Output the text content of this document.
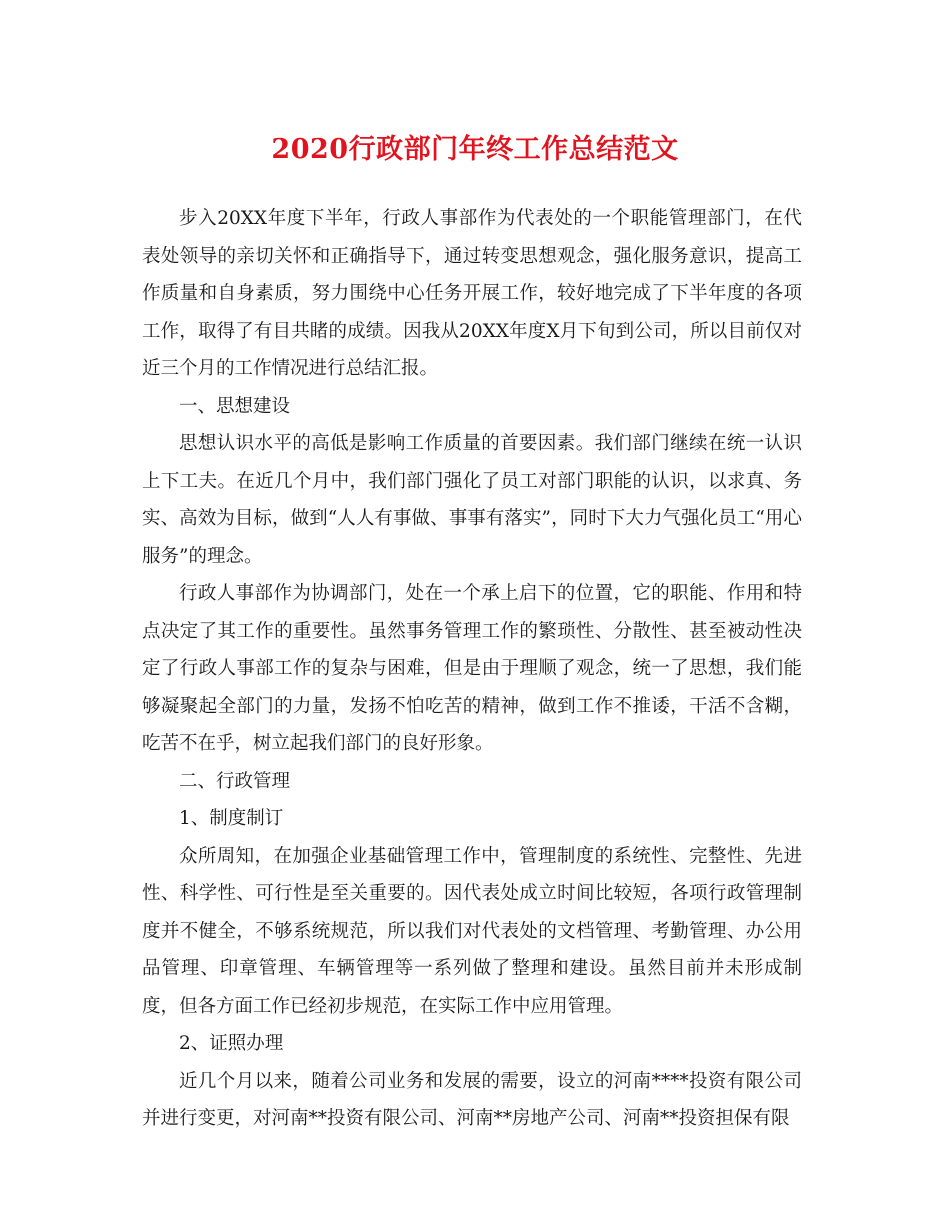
2020行政部门年终工作总结范文

步入20XX年度下半年，行政人事部作为代表处的一个职能管理部门，在代表处领导的亲切关怀和正确指导下，通过转变思想观念，强化服务意识，提高工作质量和自身素质，努力围绕中心任务开展工作，较好地完成了下半年度的各项工作，取得了有目共睹的成绩。因我从20XX年度X月下旬到公司，所以目前仅对近三个月的工作情况进行总结汇报。

一、思想建设

思想认识水平的高低是影响工作质量的首要因素。我们部门继续在统一认识上下工夫。在近几个月中，我们部门强化了员工对部门职能的认识，以求真、务实、高效为目标，做到“人人有事做、事事有落实”，同时下大力气强化员工“用心服务”的理念。

行政人事部作为协调部门，处在一个承上启下的位置，它的职能、作用和特点决定了其工作的重要性。虽然事务管理工作的繁琐性、分散性、甚至被动性决定了行政人事部工作的复杂与困难，但是由于理顺了观念，统一了思想，我们能够凝聚起全部门的力量，发扬不怕吃苦的精神，做到工作不推诿，干活不含糊，吃苦不在乎，树立起我们部门的良好形象。

二、行政管理

1、制度制订

众所周知，在加强企业基础管理工作中，管理制度的系统性、完整性、先进性、科学性、可行性是至关重要的。因代表处成立时间比较短，各项行政管理制度并不健全，不够系统规范，所以我们对代表处的文档管理、考勤管理、办公用品管理、印章管理、车辆管理等一系列做了整理和建设。虽然目前并未形成制度，但各方面工作已经初步规范，在实际工作中应用管理。

2、证照办理

近几个月以来，随着公司业务和发展的需要，设立的河南****投资有限公司并进行变更，对河南**投资有限公司、河南**房地产公司、河南**投资担保有限
